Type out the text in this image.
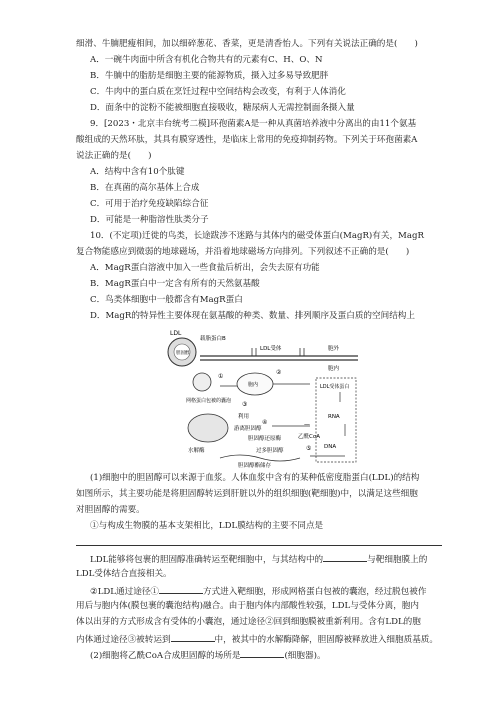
细滑、牛腩肥瘦相间，加以细碎葱花、香菜，更是清香怡人。下列有关说法正确的是(　　)
A．一碗牛肉面中所含有机化合物共有的元素有C、H、O、N
B．牛腩中的脂肪是细胞主要的能源物质，摄入过多易导致肥胖
C．牛肉中的蛋白质在烹饪过程中空间结构会改变，有利于人体消化
D．面条中的淀粉不能被细胞直接吸收，糖尿病人无需控制面条摄入量
9．[2023・北京丰台统考二模]环孢菌素A是一种从真菌培养液中分离出的由11个氨基
酸组成的天然环肽，其具有膜穿透性，是临床上常用的免疫抑制药物。下列关于环孢菌素A
说法正确的是(　　)
A．结构中含有10个肽键
B．在真菌的高尔基体上合成
C．可用于治疗免疫缺陷综合征
D．可能是一种脂溶性肽类分子
10．(不定项)迁徙的鸟类，长途跋涉不迷路与其体内的磁受体蛋白(MagR)有关，MagR
复合物能感应到微弱的地球磁场，并沿着地球磁场方向排列。下列叙述不正确的是(　　)
A．MagR蛋白溶液中加入一些食盐后析出，会失去原有功能
B．MagR蛋白中一定含有所有的天然氨基酸
C．鸟类体细胞中一般都含有MagR蛋白
D．MagR的特异性主要体现在氨基酸的种类、数量、排列顺序及蛋白质的空间结构上
LDL
胆固醇
载脂蛋白B
LDL受体	胞外
胞内
网格蛋白包被的囊泡
①
胞内
②
③
水解酶
利用
游离胆固醇
④
胆固醇还原酶	乙酰CoA
过多胆固醇
胆固醇酯储存
LDL受体蛋白
RNA
DNA
—
⑤
(1)细胞中的胆固醇可以来源于血浆。人体血浆中含有的某种低密度脂蛋白(LDL)的结构
如图所示，其主要功能是将胆固醇转运到肝脏以外的组织细胞(靶细胞)中，以满足这些细胞
对胆固醇的需要。
①与构成生物膜的基本支架相比，LDL膜结构的主要不同点是
LDL能够将包裹的胆固醇准确转运至靶细胞中，与其结构中的	与靶细胞膜上的
LDL受体结合直接相关。
②LDL通过途径①	方式进入靶细胞，形成网格蛋白包被的囊泡，经过脱包被作
用后与胞内体(膜包裹的囊泡结构)融合。由于胞内体内部酸性较强，LDL与受体分离，胞内
体以出芽的方式形成含有受体的小囊泡，通过途径②回到细胞膜被重新利用。含有LDL的胞
内体通过途径③被转运到	中，被其中的水解酶降解，胆固醇被释放进入细胞质基质。
(2)细胞将乙酰CoA合成胆固醇的场所是	(细胞器)。
